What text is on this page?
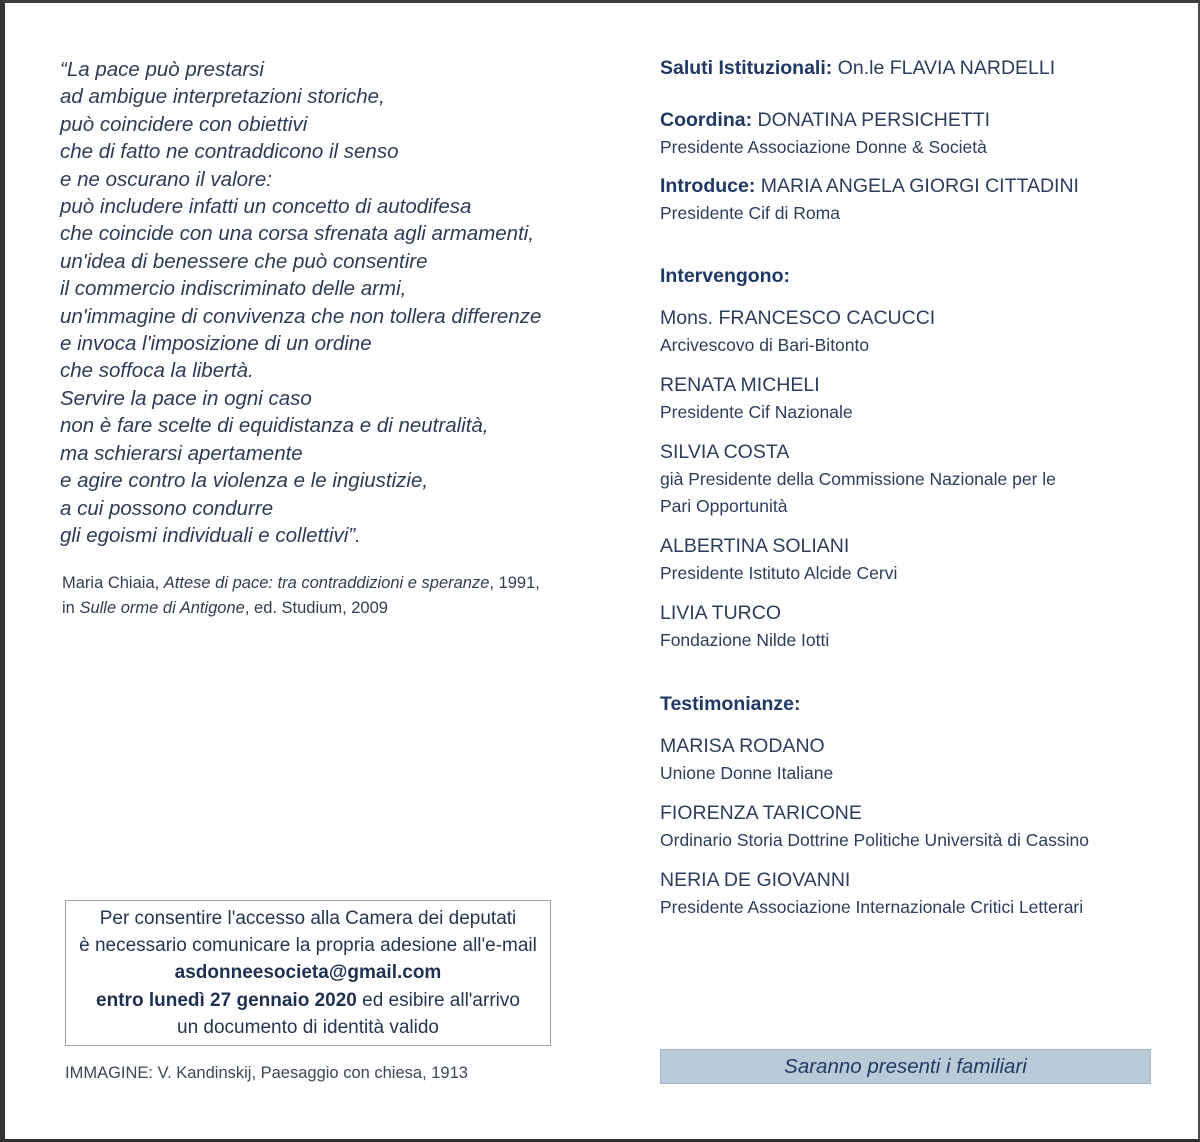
“La pace può prestarsi
ad ambigue interpretazioni storiche,
può coincidere con obiettivi
che di fatto ne contraddicono il senso
e ne oscurano il valore:
può includere infatti un concetto di autodifesa
che coincide con una corsa sfrenata agli armamenti,
un'idea di benessere che può consentire
il commercio indiscriminato delle armi,
un'immagine di convivenza che non tollera differenze
e invoca l'imposizione di un ordine
che soffoca la libertà.
Servire la pace in ogni caso
non è fare scelte di equidistanza e di neutralità,
ma schierarsi apertamente
e agire contro la violenza e le ingiustizie,
a cui possono condurre
gli egoismi individuali e collettivi”.
Maria Chiaia, Attese di pace: tra contraddizioni e speranze, 1991,
in Sulle orme di Antigone, ed. Studium, 2009
Per consentire l'accesso alla Camera dei deputati
è necessario comunicare la propria adesione all'e-mail
asdonneesocieta@gmail.com
entro lunedì 27 gennaio 2020 ed esibire all'arrivo
un documento di identità valido
IMMAGINE: V. Kandinskij, Paesaggio con chiesa, 1913
Saluti Istituzionali: On.le FLAVIA NARDELLI
Coordina: DONATINA PERSICHETTI
Presidente Associazione Donne & Società
Introduce: MARIA ANGELA GIORGI CITTADINI
Presidente Cif di Roma
Intervengono:
Mons. FRANCESCO CACUCCI
Arcivescovo di Bari-Bitonto
RENATA MICHELI
Presidente Cif Nazionale
SILVIA COSTA
già Presidente della Commissione Nazionale per le Pari Opportunità
ALBERTINA SOLIANI
Presidente Istituto Alcide Cervi
LIVIA TURCO
Fondazione Nilde Iotti
Testimonianze:
MARISA RODANO
Unione Donne Italiane
FIORENZA TARICONE
Ordinario Storia Dottrine Politiche Università di Cassino
NERIA DE GIOVANNI
Presidente Associazione Internazionale Critici Letterari
Saranno presenti i familiari
